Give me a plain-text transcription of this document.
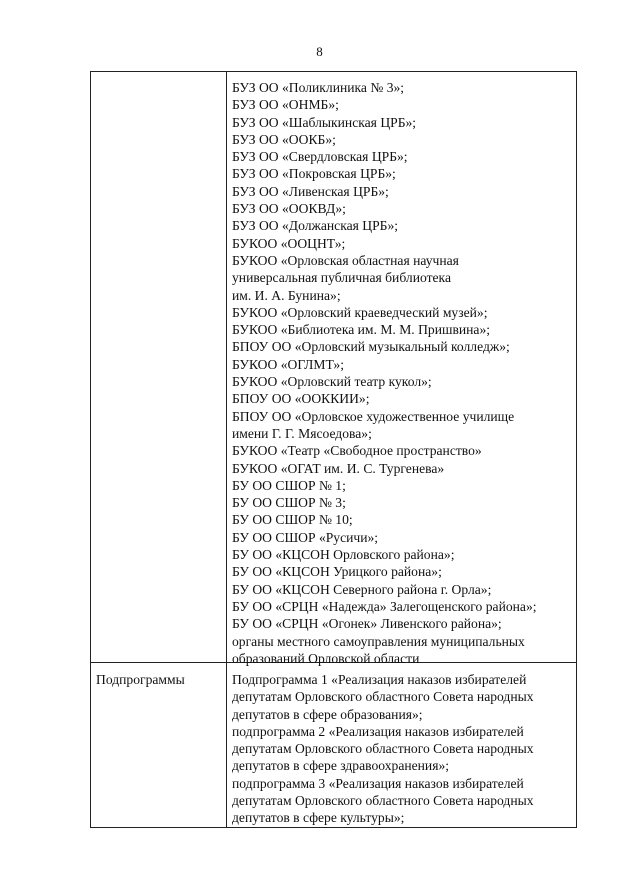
8
БУЗ ОО «Поликлиника № 3»;
БУЗ ОО «ОНМБ»;
БУЗ ОО «Шаблыкинская ЦРБ»;
БУЗ ОО «ООКБ»;
БУЗ ОО «Свердловская ЦРБ»;
БУЗ ОО «Покровская ЦРБ»;
БУЗ ОО «Ливенская ЦРБ»;
БУЗ ОО «ООКВД»;
БУЗ ОО «Должанская ЦРБ»;
БУКОО «ООЦНТ»;
БУКОО «Орловская областная научная
универсальная публичная библиотека
им. И. А. Бунина»;
БУКОО «Орловский краеведческий музей»;
БУКОО «Библиотека им. М. М. Пришвина»;
БПОУ ОО «Орловский музыкальный колледж»;
БУКОО «ОГЛМТ»;
БУКОО «Орловский театр кукол»;
БПОУ ОО «ООККИИ»;
БПОУ ОО «Орловское художественное училище
имени Г. Г. Мясоедова»;
БУКОО «Театр «Свободное пространство»
БУКОО «ОГАТ им. И. С. Тургенева»
БУ ОО СШОР № 1;
БУ ОО СШОР № 3;
БУ ОО СШОР № 10;
БУ ОО СШОР «Русичи»;
БУ ОО «КЦСОН Орловского района»;
БУ ОО «КЦСОН Урицкого района»;
БУ ОО «КЦСОН Северного района г. Орла»;
БУ ОО «СРЦН «Надежда» Залегощенского района»;
БУ ОО «СРЦН «Огонек» Ливенского района»;
органы местного самоуправления муниципальных
образований Орловской области
Подпрограммы	Подпрограмма 1 «Реализация наказов избирателей
депутатам Орловского областного Совета народных
депутатов в сфере образования»;
подпрограмма 2 «Реализация наказов избирателей
депутатам Орловского областного Совета народных
депутатов в сфере здравоохранения»;
подпрограмма 3 «Реализация наказов избирателей
депутатам Орловского областного Совета народных
депутатов в сфере культуры»;
